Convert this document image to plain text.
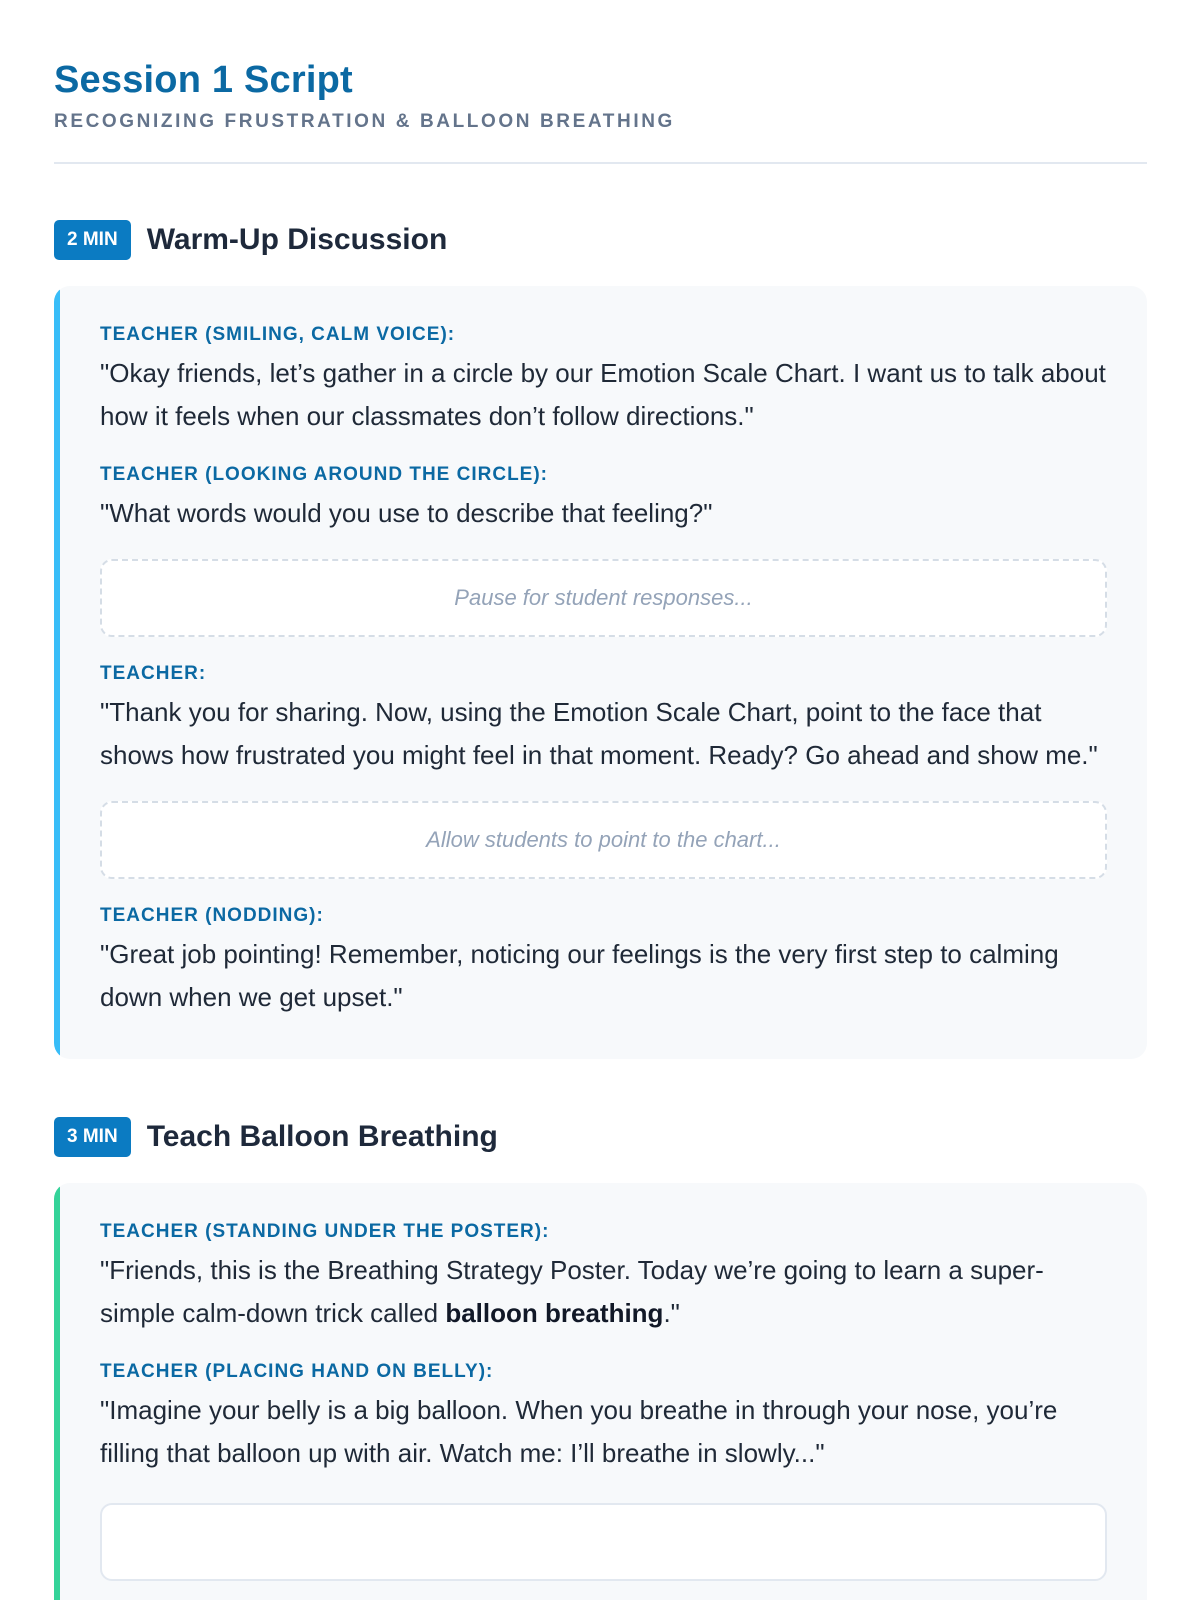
Session 1 Script
RECOGNIZING FRUSTRATION & BALLOON BREATHING
2 MIN Warm-Up Discussion
TEACHER (SMILING, CALM VOICE):

"Okay friends, let’s gather in a circle by our Emotion Scale Chart. I want us to talk about how it feels when our classmates don’t follow directions."

TEACHER (LOOKING AROUND THE CIRCLE):

"What words would you use to describe that feeling?"

Pause for student responses...
TEACHER:

"Thank you for sharing. Now, using the Emotion Scale Chart, point to the face that shows how frustrated you might feel in that moment. Ready? Go ahead and show me."

Allow students to point to the chart...
TEACHER (NODDING):

"Great job pointing! Remember, noticing our feelings is the very first step to calming down when we get upset."

3 MIN Teach Balloon Breathing
TEACHER (STANDING UNDER THE POSTER):

"Friends, this is the Breathing Strategy Poster. Today we’re going to learn a super-simple calm-down trick called balloon breathing."

TEACHER (PLACING HAND ON BELLY):

"Imagine your belly is a big balloon. When you breathe in through your nose, you’re filling that balloon up with air. Watch me: I’ll breathe in slowly..."
